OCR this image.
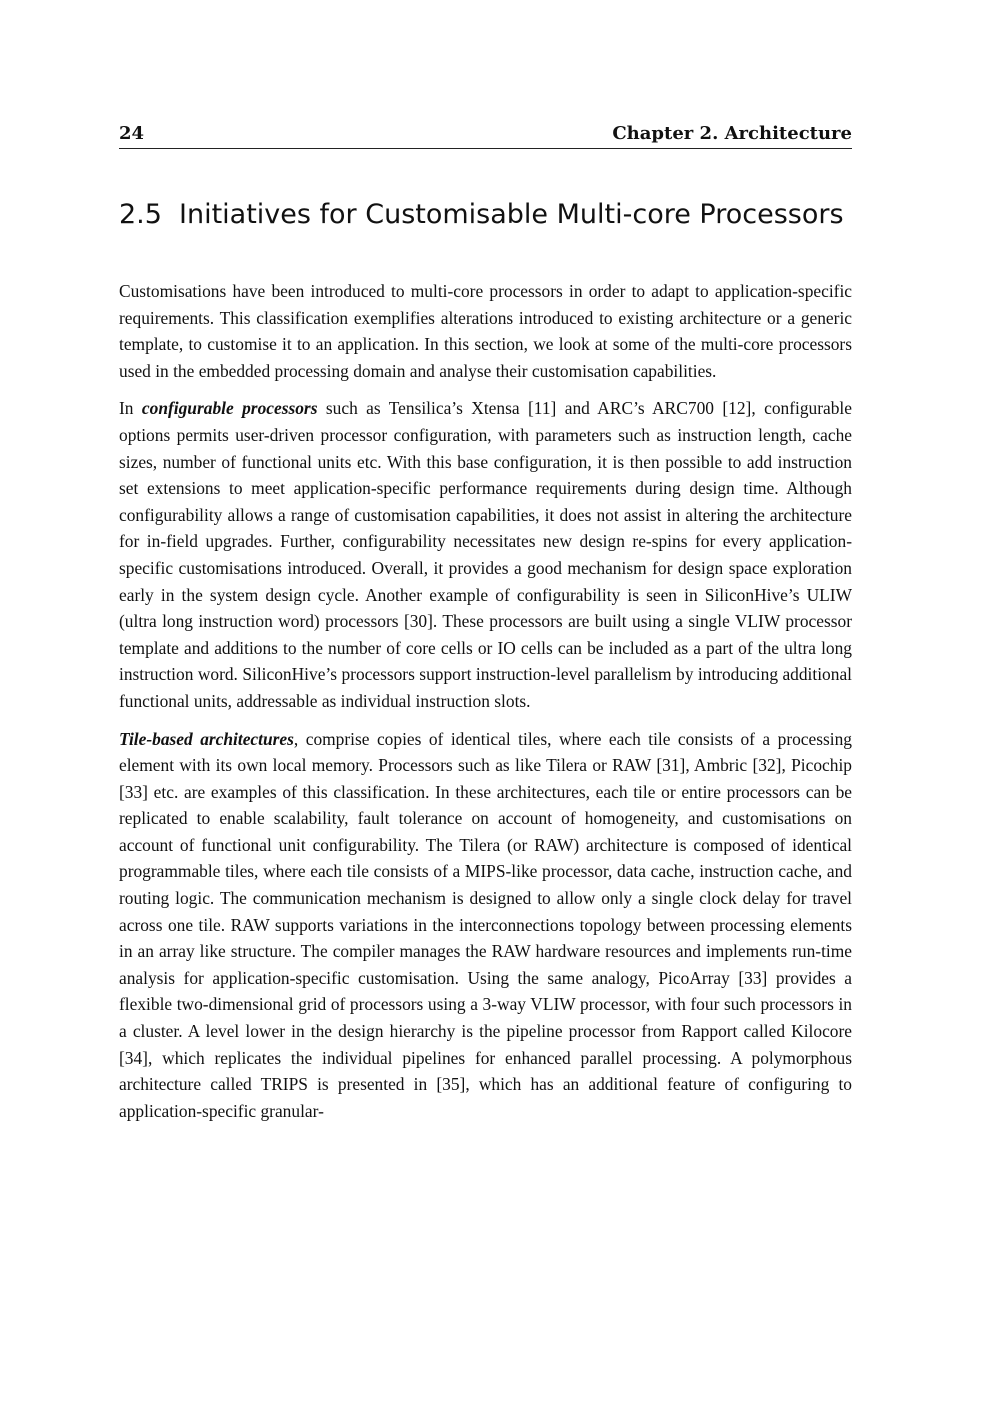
24	Chapter 2. Architecture
2.5 Initiatives for Customisable Multi-core Processors

Customisations have been introduced to multi-core processors in order to adapt to application-specific requirements. This classification exemplifies alterations introduced to existing architecture or a generic template, to customise it to an application. In this section, we look at some of the multi-core processors used in the embedded processing domain and analyse their customisation capabilities.

In configurable processors such as Tensilica’s Xtensa [11] and ARC’s ARC700 [12], configurable options permits user-driven processor configuration, with parameters such as instruction length, cache sizes, number of functional units etc. With this base configuration, it is then possible to add instruction set extensions to meet application-specific performance requirements during design time. Although configurability allows a range of customisation capabilities, it does not assist in altering the architecture for in-field upgrades. Further, configurability necessitates new design re-spins for every application-specific customisations introduced. Overall, it provides a good mechanism for design space exploration early in the system design cycle. Another example of configurability is seen in SiliconHive’s ULIW (ultra long instruction word) processors [30]. These processors are built using a single VLIW processor template and additions to the number of core cells or IO cells can be included as a part of the ultra long instruction word. SiliconHive’s processors support instruction-level parallelism by introducing additional functional units, addressable as individual instruction slots.

Tile-based architectures, comprise copies of identical tiles, where each tile consists of a processing element with its own local memory. Processors such as like Tilera or RAW [31], Ambric [32], Picochip [33] etc. are examples of this classification. In these architectures, each tile or entire processors can be replicated to enable scalability, fault tolerance on account of homogeneity, and customisations on account of functional unit configurability. The Tilera (or RAW) architecture is composed of identical programmable tiles, where each tile consists of a MIPS-like processor, data cache, instruction cache, and routing logic. The communication mechanism is designed to allow only a single clock delay for travel across one tile. RAW supports variations in the interconnections topology between processing elements in an array like structure. The compiler manages the RAW hardware resources and implements run-time analysis for application-specific customisation. Using the same analogy, PicoArray [33] provides a flexible two-dimensional grid of processors using a 3-way VLIW processor, with four such processors in a cluster. A level lower in the design hierarchy is the pipeline processor from Rapport called Kilocore [34], which replicates the individual pipelines for enhanced parallel processing. A polymorphous architecture called TRIPS is presented in [35], which has an additional feature of configuring to application-specific granular-
